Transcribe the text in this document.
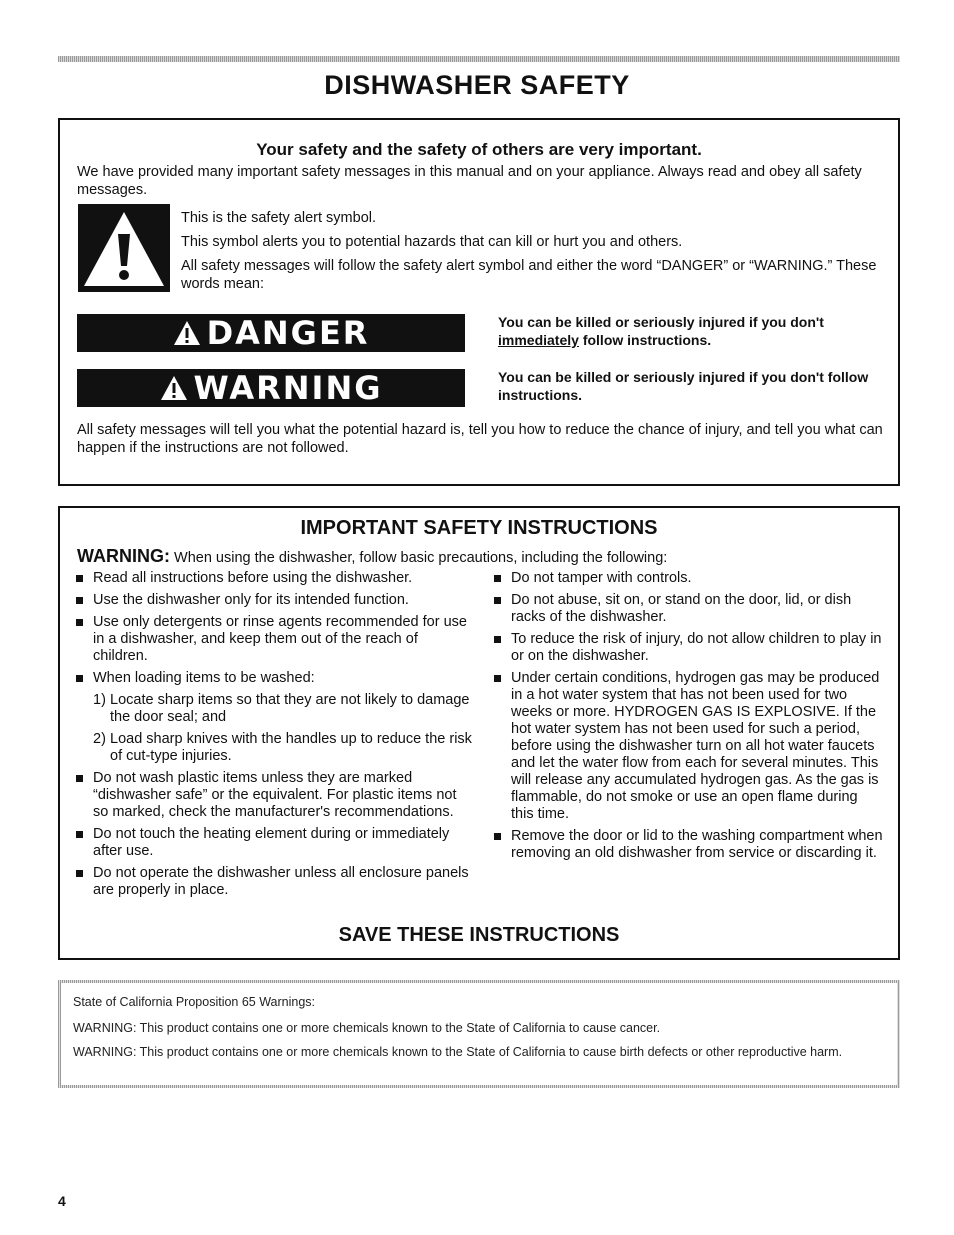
DISHWASHER SAFETY
Your safety and the safety of others are very important.

We have provided many important safety messages in this manual and on your appliance. Always read and obey all safety messages.

This is the safety alert symbol.

This symbol alerts you to potential hazards that can kill or hurt you and others.

All safety messages will follow the safety alert symbol and either the word “DANGER” or “WARNING.” These words mean:

DANGER	You can be killed or seriously injured if you don't immediately follow instructions.

WARNING	You can be killed or seriously injured if you don't follow instructions.

All safety messages will tell you what the potential hazard is, tell you how to reduce the chance of injury, and tell you what can happen if the instructions are not followed.

IMPORTANT SAFETY INSTRUCTIONS

WARNING: When using the dishwasher, follow basic precautions, including the following:

Read all instructions before using the dishwasher.
Use the dishwasher only for its intended function.
Use only detergents or rinse agents recommended for use in a dishwasher, and keep them out of the reach of children.
When loading items to be washed:
1) Locate sharp items so that they are not likely to damage the door seal; and
2) Load sharp knives with the handles up to reduce the risk of cut-type injuries.
Do not wash plastic items unless they are marked “dishwasher safe” or the equivalent. For plastic items not so marked, check the manufacturer's recommendations.
Do not touch the heating element during or immediately after use.
Do not operate the dishwasher unless all enclosure panels are properly in place.
Do not tamper with controls.
Do not abuse, sit on, or stand on the door, lid, or dish racks of the dishwasher.
To reduce the risk of injury, do not allow children to play in or on the dishwasher.
Under certain conditions, hydrogen gas may be produced in a hot water system that has not been used for two weeks or more. HYDROGEN GAS IS EXPLOSIVE. If the hot water system has not been used for such a period, before using the dishwasher turn on all hot water faucets and let the water flow from each for several minutes. This will release any accumulated hydrogen gas. As the gas is flammable, do not smoke or use an open flame during this time.
Remove the door or lid to the washing compartment when removing an old dishwasher from service or discarding it.
SAVE THESE INSTRUCTIONS

State of California Proposition 65 Warnings:

WARNING: This product contains one or more chemicals known to the State of California to cause cancer.

WARNING: This product contains one or more chemicals known to the State of California to cause birth defects or other reproductive harm.

4
